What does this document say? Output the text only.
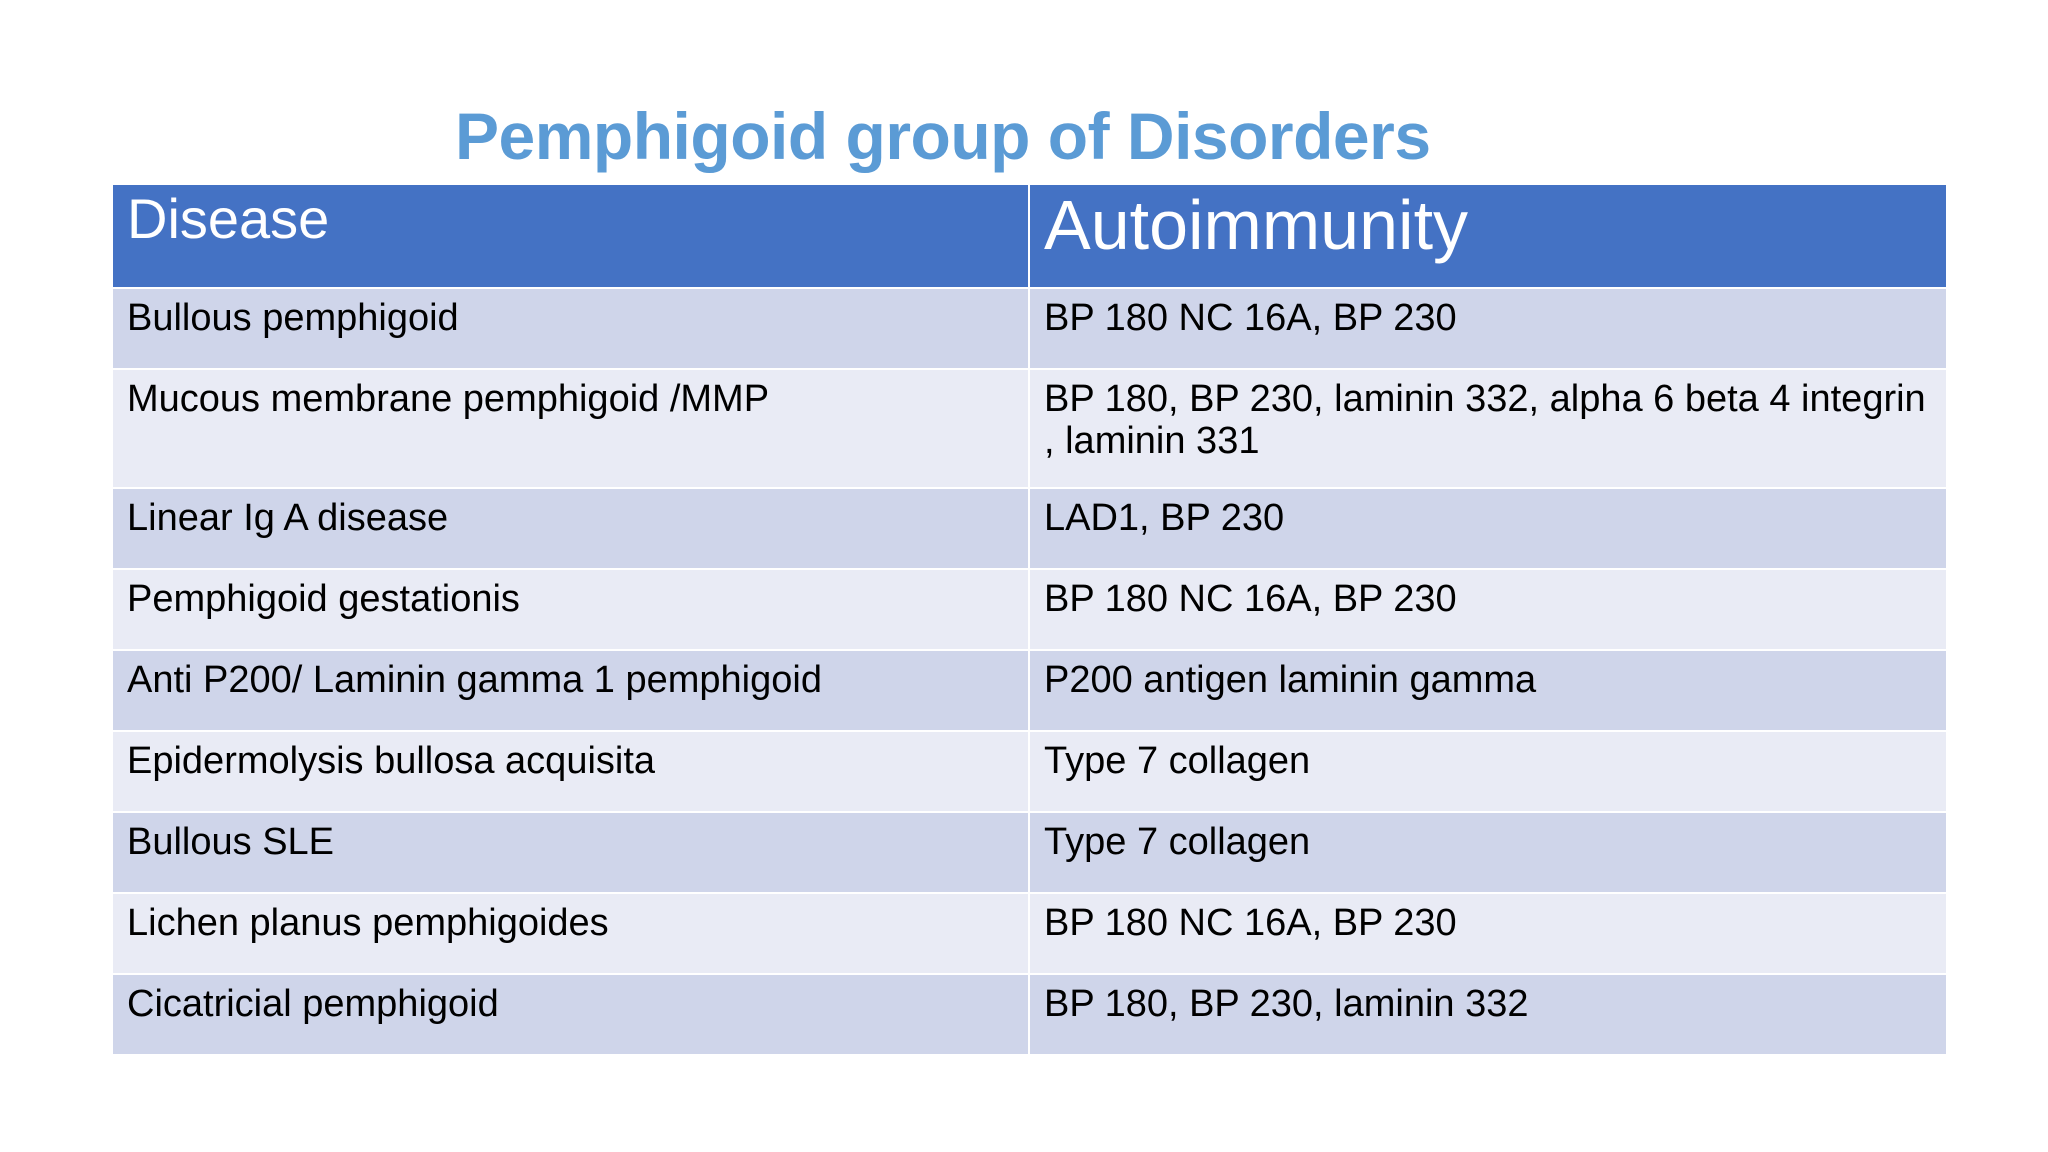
Pemphigoid group of Disorders
Disease	Autoimmunity
Bullous pemphigoid	BP 180 NC 16A, BP 230
Mucous membrane pemphigoid /MMP	BP 180, BP 230, laminin 332, alpha 6 beta 4 integrin , laminin 331
Linear Ig A disease	LAD1, BP 230
Pemphigoid gestationis	BP 180 NC 16A, BP 230
Anti P200/ Laminin gamma 1 pemphigoid	P200 antigen laminin gamma
Epidermolysis bullosa acquisita	Type 7 collagen
Bullous SLE	Type 7 collagen
Lichen planus pemphigoides	BP 180 NC 16A, BP 230
Cicatricial pemphigoid	BP 180, BP 230, laminin 332
